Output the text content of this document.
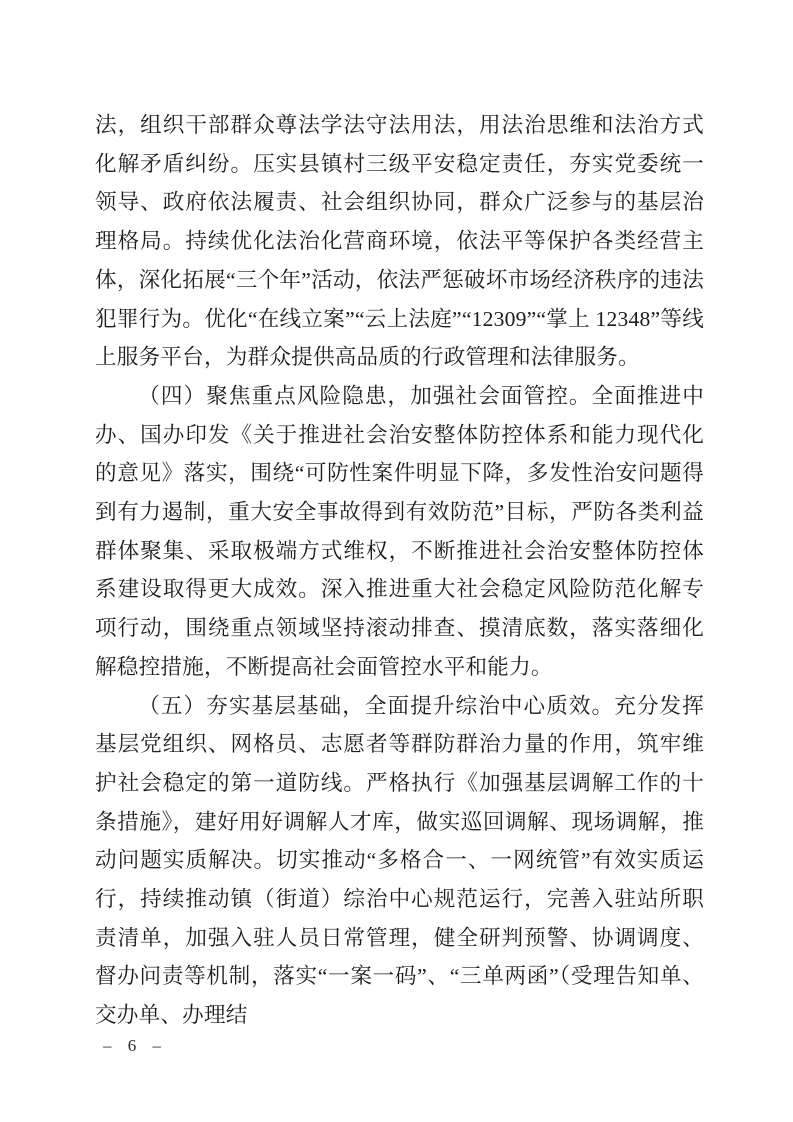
法，组织干部群众尊法学法守法用法，用法治思维和法治方式化解矛盾纠纷。压实县镇村三级平安稳定责任，夯实党委统一领导、政府依法履责、社会组织协同，群众广泛参与的基层治理格局。持续优化法治化营商环境，依法平等保护各类经营主体，深化拓展“三个年”活动，依法严惩破坏市场经济秩序的违法犯罪行为。优化“在线立案”“云上法庭”“12309”“掌上 12348”等线上服务平台，为群众提供高品质的行政管理和法律服务。

（四）聚焦重点风险隐患，加强社会面管控。全面推进中办、国办印发《关于推进社会治安整体防控体系和能力现代化的意见》落实，围绕“可防性案件明显下降，多发性治安问题得到有力遏制，重大安全事故得到有效防范”目标，严防各类利益群体聚集、采取极端方式维权，不断推进社会治安整体防控体系建设取得更大成效。深入推进重大社会稳定风险防范化解专项行动，围绕重点领域坚持滚动排查、摸清底数，落实落细化解稳控措施，不断提高社会面管控水平和能力。

（五）夯实基层基础，全面提升综治中心质效。充分发挥基层党组织、网格员、志愿者等群防群治力量的作用，筑牢维护社会稳定的第一道防线。严格执行《加强基层调解工作的十条措施》，建好用好调解人才库，做实巡回调解、现场调解，推动问题实质解决。切实推动“多格合一、一网统管”有效实质运行，持续推动镇（街道）综治中心规范运行，完善入驻站所职责清单，加强入驻人员日常管理，健全研判预警、协调调度、督办问责等机制，落实“一案一码”、“三单两函”（受理告知单、交办单、办理结

– 6 –
